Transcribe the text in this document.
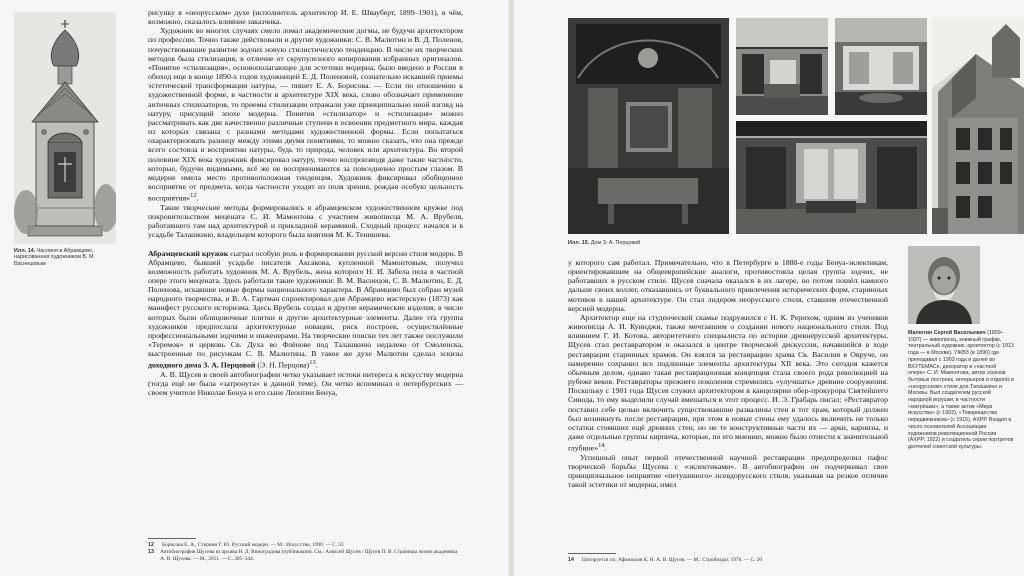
Илл. 14. Часовня в Абрамцево, нарисованная художником В. М. Васнецовым

рисунку в «неорусском» духе (исполнитель архитектор И. Е. Швауберт, 1899–1901), в чём, возможно, сказалось влияние заказчика.

Художник во многих случаях смело ломал академические догмы, не будучи архитектором по профессии. Точно также действовали и другие художники: С. В. Малютин и В. Д. Поленов, почувствовавшие развитие зодчих новую стилистическую тенденцию. В числе их творческих методов была стилизация, в отличие от скрупулезного копирования избранных оригиналов. «Понятие «стилизация», основополагающее для эстетики модерна, было введено в России в обиход еще в конце 1890-х годов художницей Е. Д. Поленовой, сознательно искавшей приемы эстетической трансформации натуры, — пишет Е. А. Борисова. — Если по отношению к художественной форме, в частности в архитектуре XIX века, слово обозначает применение античных стилизаторов, то приемы стилизации отражали уже принципиально иной взгляд на натуру, присущий эпохе модерна. Понятия «стилизатор» и «стилизация» можно рассматривать как две качественно различные ступени в освоении предметного мира, каждая из которых связана с разными методами художественной формы. Если попытаться охарактеризовать разницу между этими двумя понятиями, то можно сказать, что она прежде всего состояла в восприятии натуры, будь то природа, человек или архитектура. Во второй половине XIX века художник фиксировал натуру, точно воспроизводя даже такие частности, которые, будучи видимыми, всё же не воспринимаются за повседневно простым глазом. В модерне имела место противоположная тенденция. Художник фиксировал обобщенное восприятие от предмета, когда частности уходят из поля зрения, рождая особую цельность восприятия»$^{12}$.

Такие творческие методы формировались в абрамцевском художественном кружке под покровительством мецената С. И. Мамонтова с участием живописца М. А. Врубеля, работавшего там над архитектурой и прикладной керамикой. Сходный процесс начался и в усадьбе Талашкино, владельцем которого была княгиня М. К. Тенишева.

Абрамцевский кружок сыграл особую роль в формировании русской версии стиля модерн. В Абрамцево, бывшей усадьбе писателя Аксакова, купленной Мамонтовым, получил возможность работать художник М. А. Врубель, жена которого Н. И. Забела пела в частной опере этого мецената. Здесь работали такие художники: В. М. Васнецов, С. В. Малютин, Е. Д. Поленова, искавшие новые формы национального характера. В Абрамцево был собран музей народного творчества, и В. А. Гартман спроектировал для Абрамцево мастерскую (1873) как манифест русского историзма. Здесь Врубель создал и другие керамические изделия, в числе которых были облицовочные плитки и другие архитектурные элементы. Далее эта группа художников предпослала архитектурные новации, риск построек, осуществлённые профессиональными зодчими и инженерами. На творческие поиски тех лет также послужили «Теремок» и церковь Св. Духа во Флёнове под Талашкино недалеко от Смоленска, выстроенные по рисункам С. В. Малютина. В такое же духе Малютин сделал эскизы доходного дома З. А. Перцовой (Э. Н. Перцова)$^{13}$.

А. В. Щусев в своей автобиографии четко указывает истоки интереса к искусству модерна (тогда ещё не была «затронута» в данной теме). Он четко вспоминал о петербургских — своем учителе Николае Бенуа и его сыне Леонтии Бенуа,

12	Борисова Е. А., Стернин Г. Ю. Русский модерн. — М.: Искусство, 1990. — С. 53
13 Автобиография Щусева из архива Н. Д. Виноградова (публикация). См.: Алексей Щусев / Щусев П. В. Страницы жизни академика А. В. Щусева. — М., 2011. — С. 305–344.
Илл. 15. Дом З. А. Перцовой

у которого сам работал. Примечательно, что в Петербурге в 1880-е годы Бенуа-эклектикам, ориентировавшим на общеевропейские аналоги, противостояла целая группа зодчих, не работавших в русском стиле. Щусев сначала оказался в их лагере, но потом пошёл намного дальше своих коллег, отказавшись от буквального привлечения исторических форм, старинных мотивов в нашей архитектуре. Он стал лидером неорусского стиля, ставшим отечественной версией модерна.

Архитектор еще на студенческой скамье подружился с Н. К. Рерихом, одним из учеников живописца А. И. Куинджи, также мечтавшим о создании нового национального стиля. Под влиянием Г. И. Котова, авторитетного специалиста по истории древнерусской архитектуры, Щусев стал реставратором и оказался в центре творческой дискуссии, начавшейся в ходе реставрации старинных храмов. Он взялся за реставрацию храма Св. Василия в Овруче, он намеренно сохранил все подлинные элементы архитектуры XII века. Это сегодня кажется обычным делом, однако такая реставрационная концепция стала своего рода революцией на рубеже веков. Реставраторы прежнего поколения стремились «улучшать» древние сооружения. Поскольку с 1901 года Щусев служил архитектором в канцелярии обер-прокурора Святейшего Синода, то ему выделили случай вмешаться в этот процесс. И. Э. Грабарь писал: «Реставратор поставил себе целью включить существовавшие развалины стен в тот храм, который должен был возникнуть после реставрации, при этом в новые стены ему удалось включить не только остатки стоявших ещё древних стен, но не те конструктивные части их — арки, карнизы, и даже отдельные группы кирпича, которые, по его мнению, можно было отнести к значительной глубине»$^{14}$.

Успешный опыт первой отечественной научной реставрации предопределил пафос творческой борьбы Щусева с «эклектиками». В автобиографии он подчеркивал свое принципиальное неприятие «петушиного» псевдорусского стиля, указывая на резкое отличие такой эстетики от модерна, имел

Малютин Сергей Васильевич (1859–1937) — живописец, книжный график, театральный художник, архитектор (с 1913 года — в Москве). УЖВЗ (в 1890) где преподавал с 1903 года и далее во ВХУТЕМАСе, декоратор в «частной опере» С. И. Мамонтова, автор эскизов бытовых построек, интерьеров и отделок в «неорусском» стиле для Талашкино и Москвы. Был создателем русской народной игрушки, в частности «матрёшки», а также актив «Мира искусства» (с 1903), «Товарищества передвижников» (с 1915), АХРР. Входил в число основателей Ассоциации художников революционной России (АХРР; 1922) и создатель серии портретов деятелей советской культуры.
14	Цитируется по: Афанасьев К. Н. А. В. Щусев. — М.: Стройиздат, 1978. — С. 20
